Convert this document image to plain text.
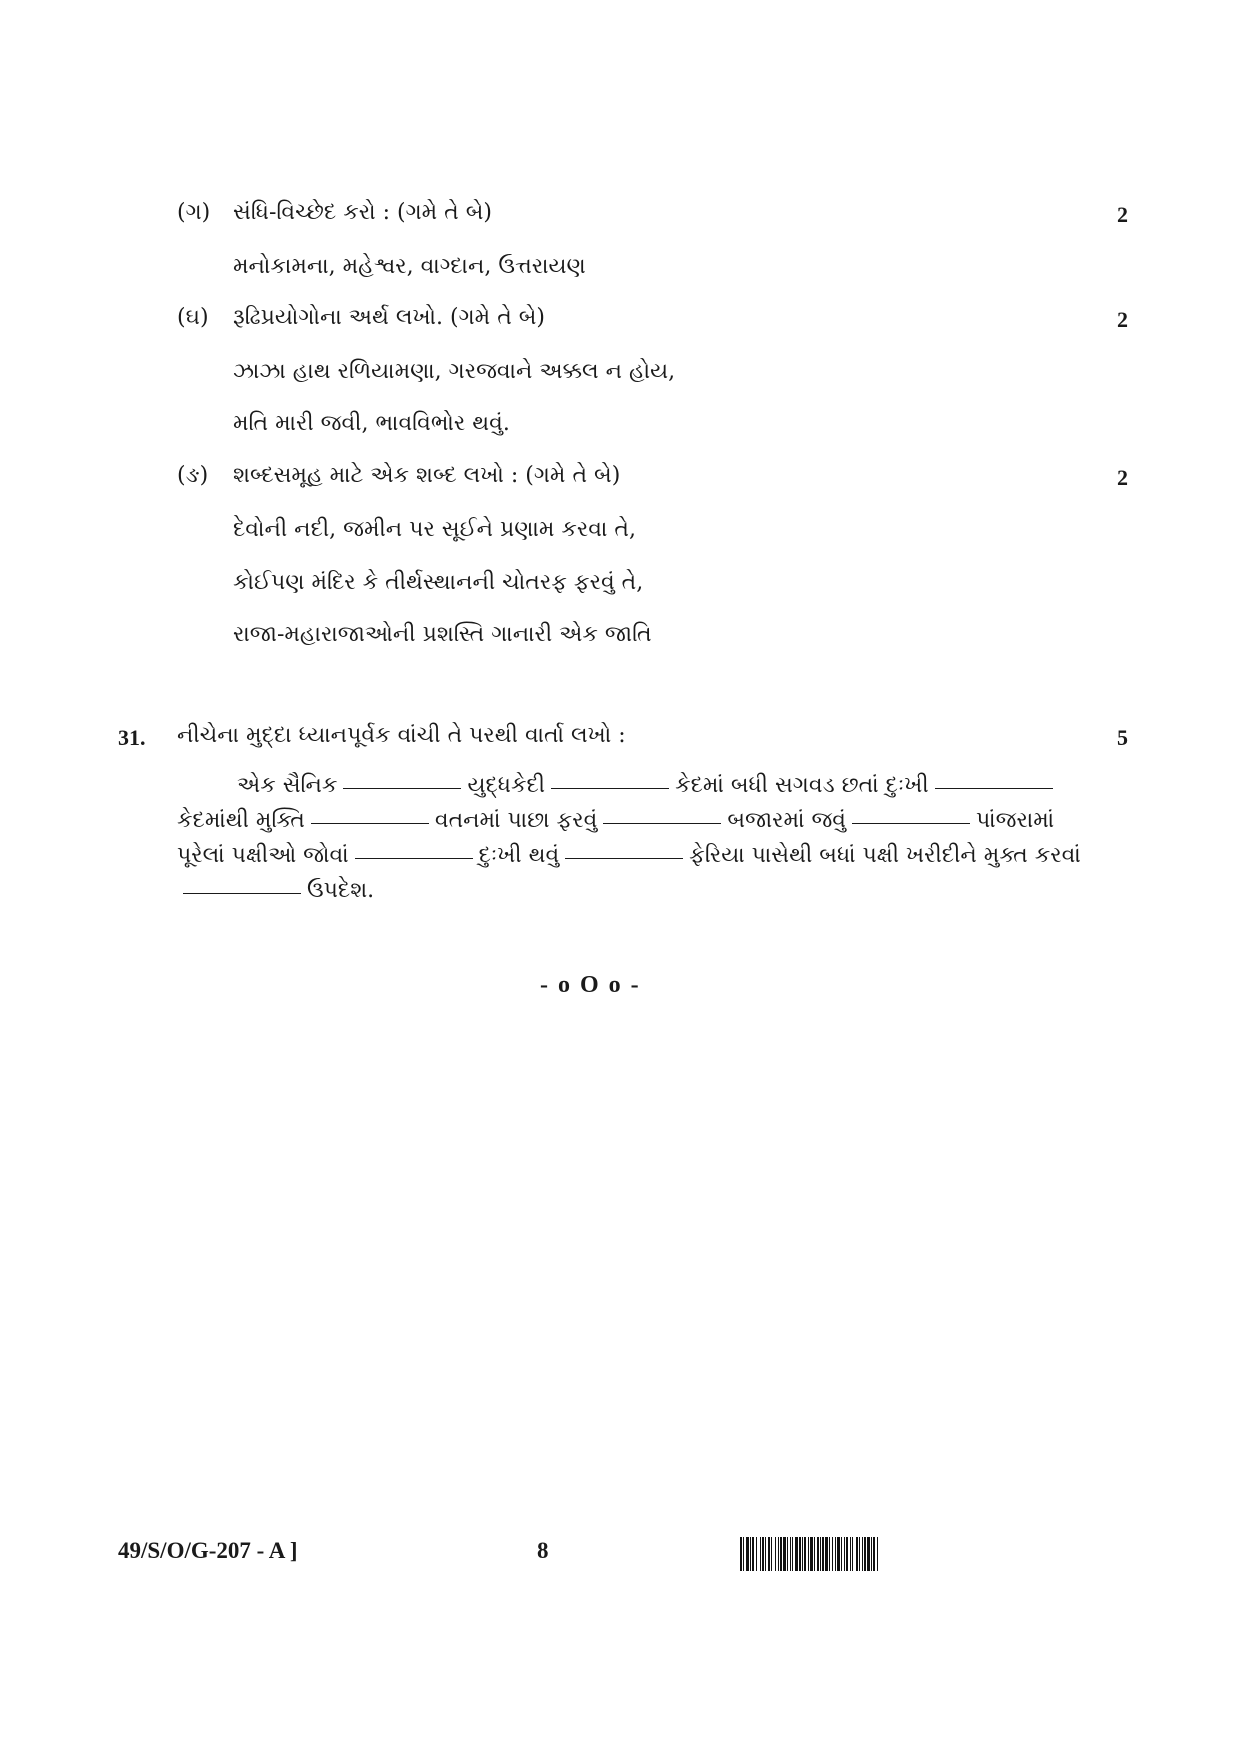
(ગ) સંધિ-વિચ્છેદ કરો : (ગમે તે બે)	2
મનોકામના, મહેશ્વર, વાગ્દાન, ઉત્તરાયણ
(ઘ) રૂઢિપ્રયોગોના અર્થ લખો. (ગમે તે બે)	2
ઝાઝા હાથ રળિયામણા, ગરજવાને અક્કલ ન હોય,
મતિ મારી જવી, ભાવવિભોર થવું.
(ઙ) શબ્દસમૂહ માટે એક શબ્દ લખો : (ગમે તે બે)	2
દેવોની નદી, જમીન પર સૂઈને પ્રણામ કરવા તે,
કોઈપણ મંદિર કે તીર્થસ્થાનની ચોતરફ ફરવું તે,
રાજા-મહારાજાઓની પ્રશસ્તિ ગાનારી એક જાતિ
31. નીચેના મુદ્દા ધ્યાનપૂર્વક વાંચી તે પરથી વાર્તા લખો :	5
એક સૈનિક	યુદ્ધકેદી	કેદમાં બધી સગવડ છતાં દુઃખીકેદમાંથી મુક્તિ	વતનમાં પાછા ફરવું	બજારમાં જવું	પાંજરામાં પૂરેલાં પક્ષીઓ જોવાં	દુઃખી થવું	ફેરિયા પાસેથી બધાં પક્ષી ખરીદીને મુક્ત કરવાંઉપદેશ.
- o O o -
49/S/O/G-207 - A ]	8
